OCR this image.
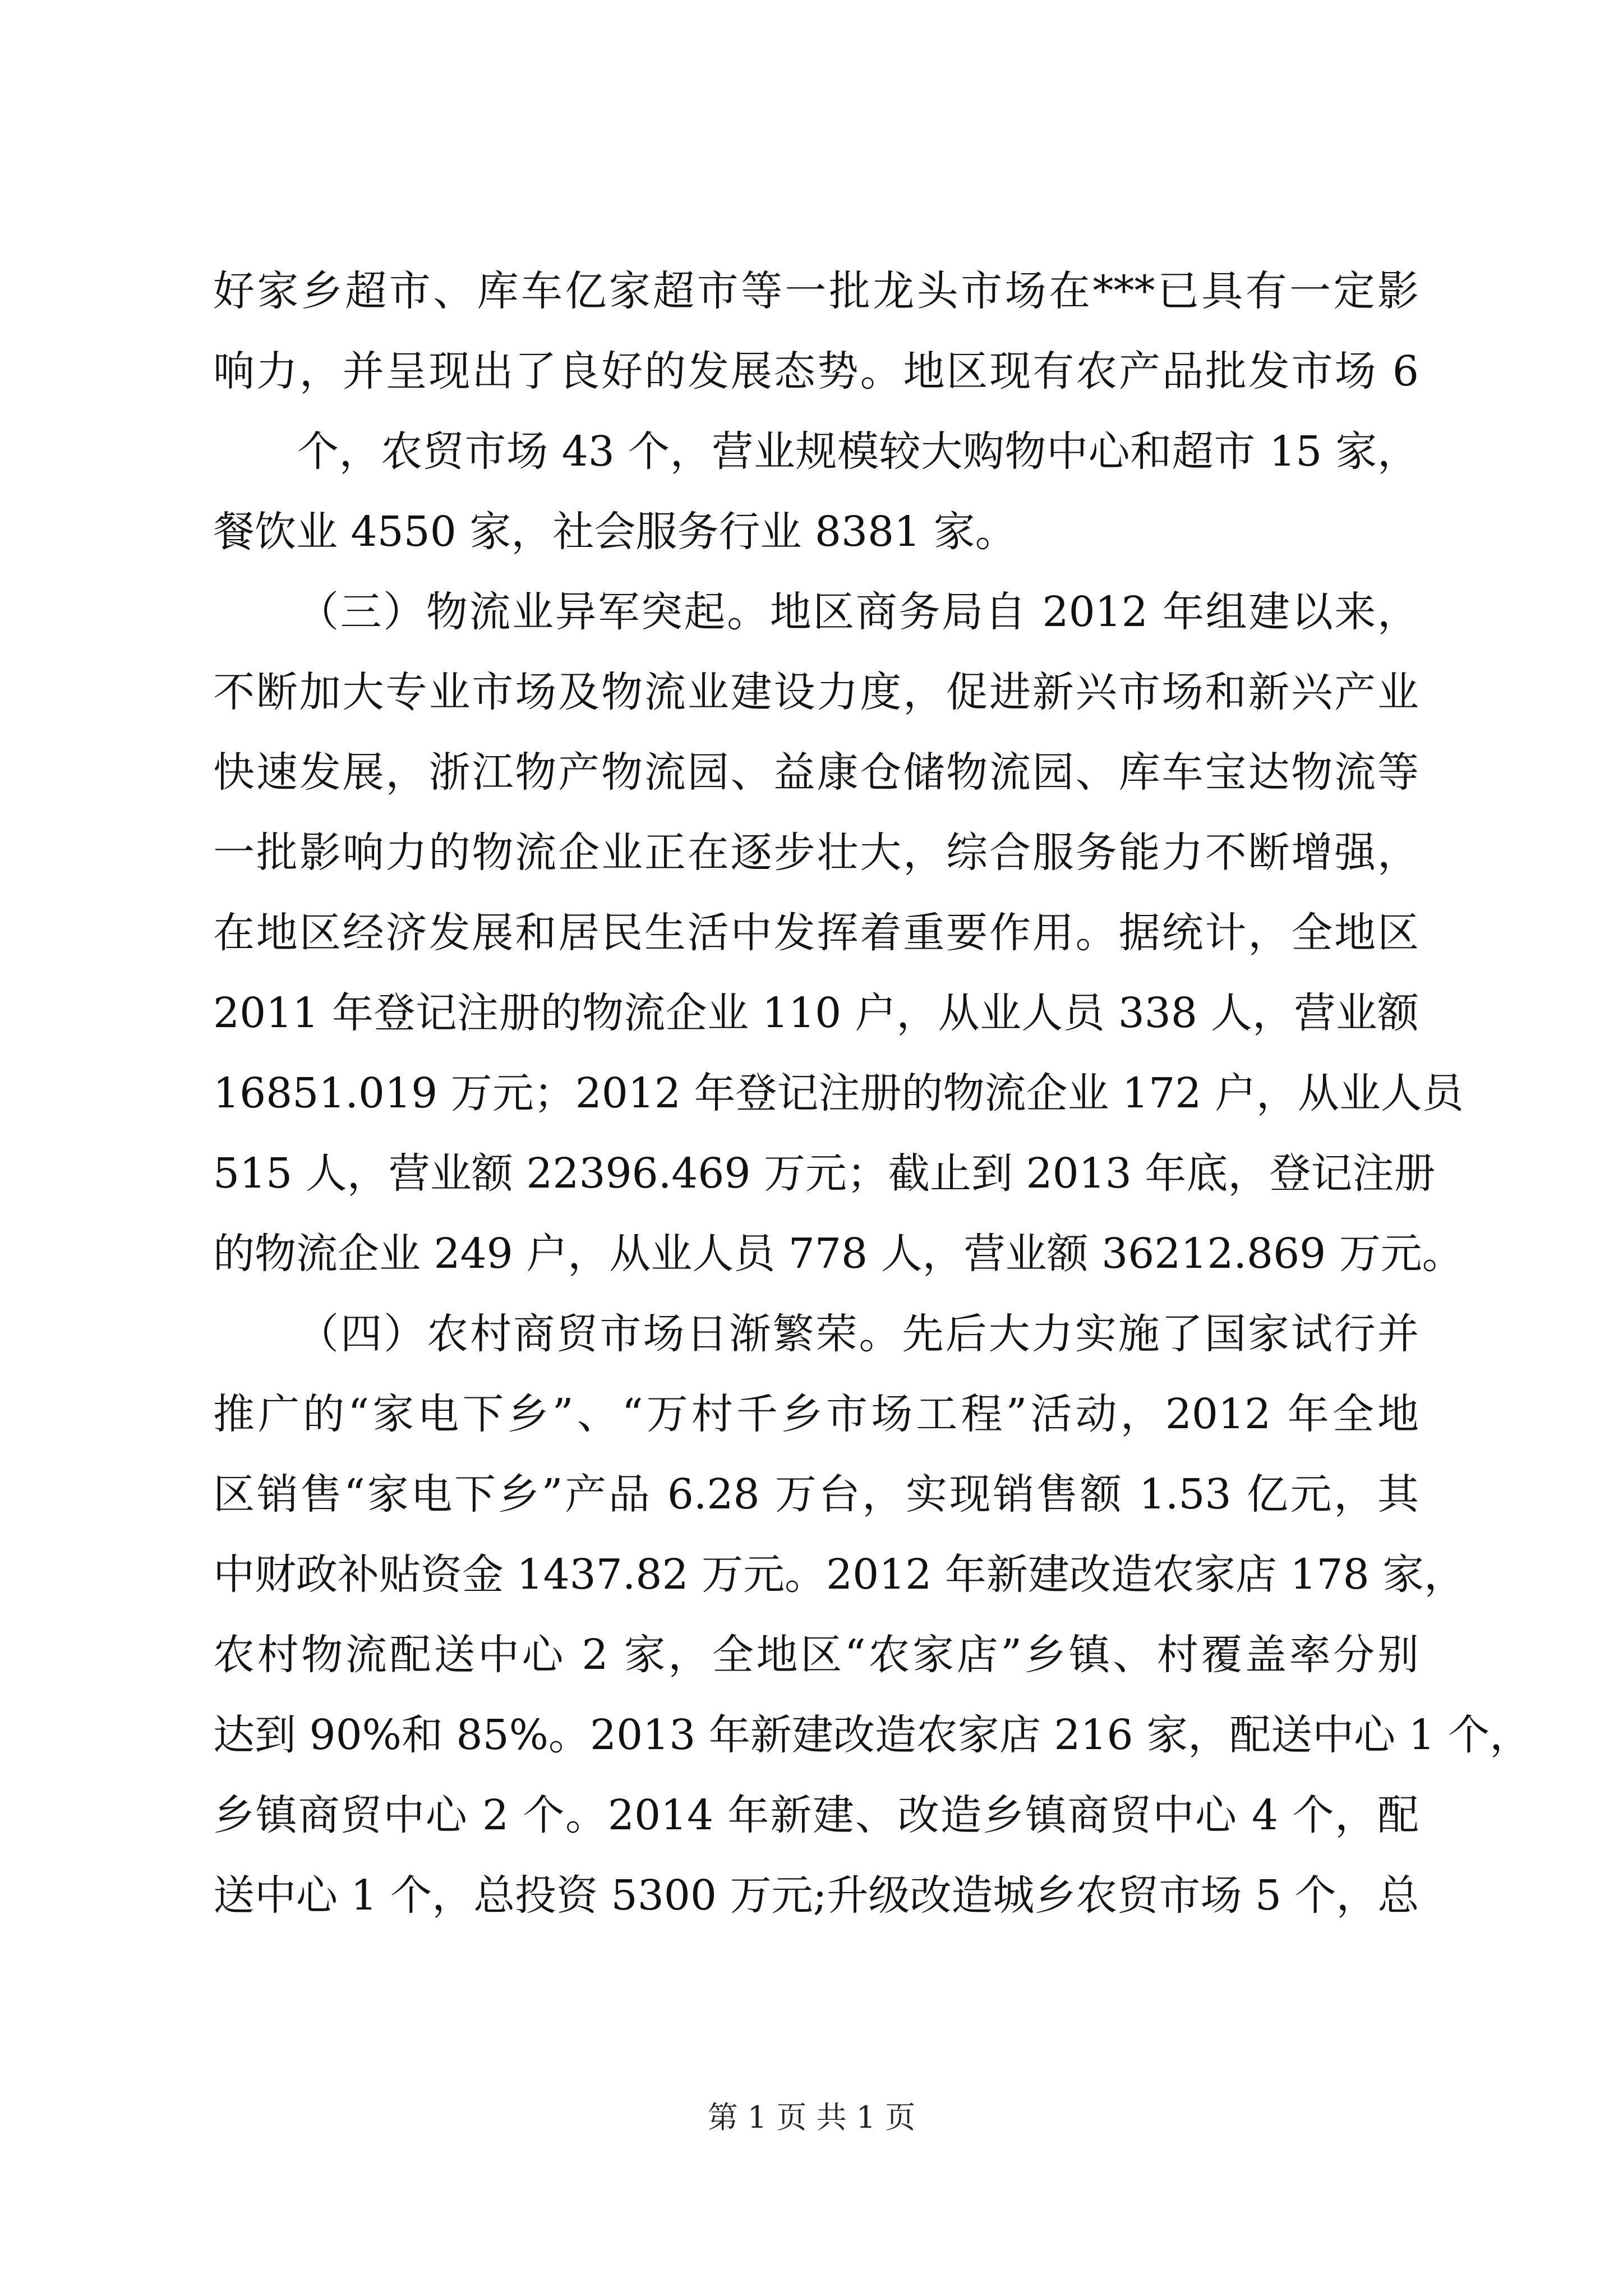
好家乡超市、库车亿家超市等一批龙头市场在***已具有一定影
响力，并呈现出了良好的发展态势。地区现有农产品批发市场 6
个，农贸市场 43 个，营业规模较大购物中心和超市 15 家，
餐饮业 4550 家，社会服务行业 8381 家。
（三）物流业异军突起。地区商务局自 2012 年组建以来，
不断加大专业市场及物流业建设力度，促进新兴市场和新兴产业
快速发展，浙江物产物流园、益康仓储物流园、库车宝达物流等
一批影响力的物流企业正在逐步壮大，综合服务能力不断增强，
在地区经济发展和居民生活中发挥着重要作用。据统计，全地区
2011 年登记注册的物流企业 110 户，从业人员 338 人，营业额
16851.019 万元；2012 年登记注册的物流企业 172 户，从业人员
515 人，营业额 22396.469 万元；截止到 2013 年底，登记注册
的物流企业 249 户，从业人员 778 人，营业额 36212.869 万元。
（四）农村商贸市场日渐繁荣。先后大力实施了国家试行并
推广的“家电下乡”、“万村千乡市场工程”活动，2012 年全地
区销售“家电下乡”产品 6.28 万台，实现销售额 1.53 亿元，其
中财政补贴资金 1437.82 万元。2012 年新建改造农家店 178 家，
农村物流配送中心 2 家，全地区“农家店”乡镇、村覆盖率分别
达到 90%和 85%。2013 年新建改造农家店 216 家，配送中心 1 个，
乡镇商贸中心 2 个。2014 年新建、改造乡镇商贸中心 4 个，配
送中心 1 个，总投资 5300 万元;升级改造城乡农贸市场 5 个，总
第 1 页 共 1 页
